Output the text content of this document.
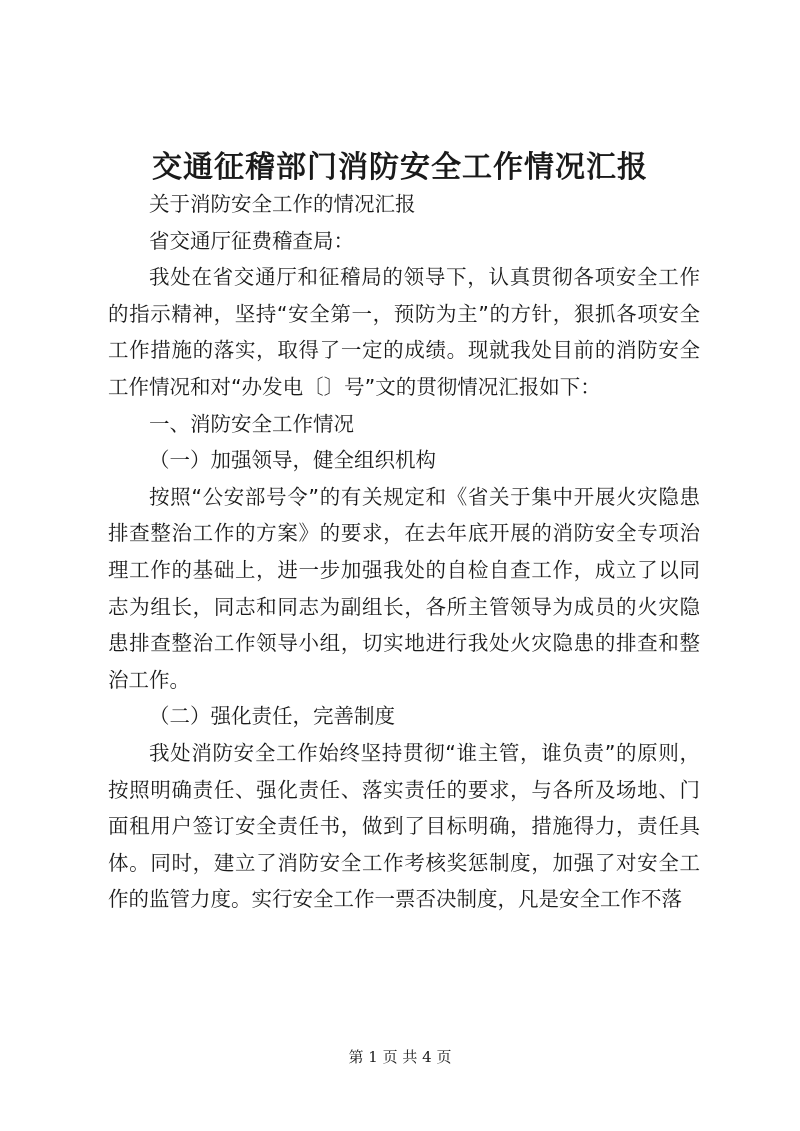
交通征稽部门消防安全工作情况汇报

关于消防安全工作的情况汇报

省交通厅征费稽查局：

我处在省交通厅和征稽局的领导下，认真贯彻各项安全工作的指示精神，坚持“安全第一，预防为主”的方针，狠抓各项安全工作措施的落实，取得了一定的成绩。现就我处目前的消防安全工作情况和对“办发电〔〕号”文的贯彻情况汇报如下：

一、消防安全工作情况

（一）加强领导，健全组织机构

按照“公安部号令”的有关规定和《省关于集中开展火灾隐患排查整治工作的方案》的要求，在去年底开展的消防安全专项治理工作的基础上，进一步加强我处的自检自查工作，成立了以同志为组长，同志和同志为副组长，各所主管领导为成员的火灾隐患排查整治工作领导小组，切实地进行我处火灾隐患的排查和整治工作。

（二）强化责任，完善制度

我处消防安全工作始终坚持贯彻“谁主管，谁负责”的原则，按照明确责任、强化责任、落实责任的要求，与各所及场地、门面租用户签订安全责任书，做到了目标明确，措施得力，责任具体。同时，建立了消防安全工作考核奖惩制度，加强了对安全工作的监管力度。实行安全工作一票否决制度，凡是安全工作不落

第 1 页 共 4 页
